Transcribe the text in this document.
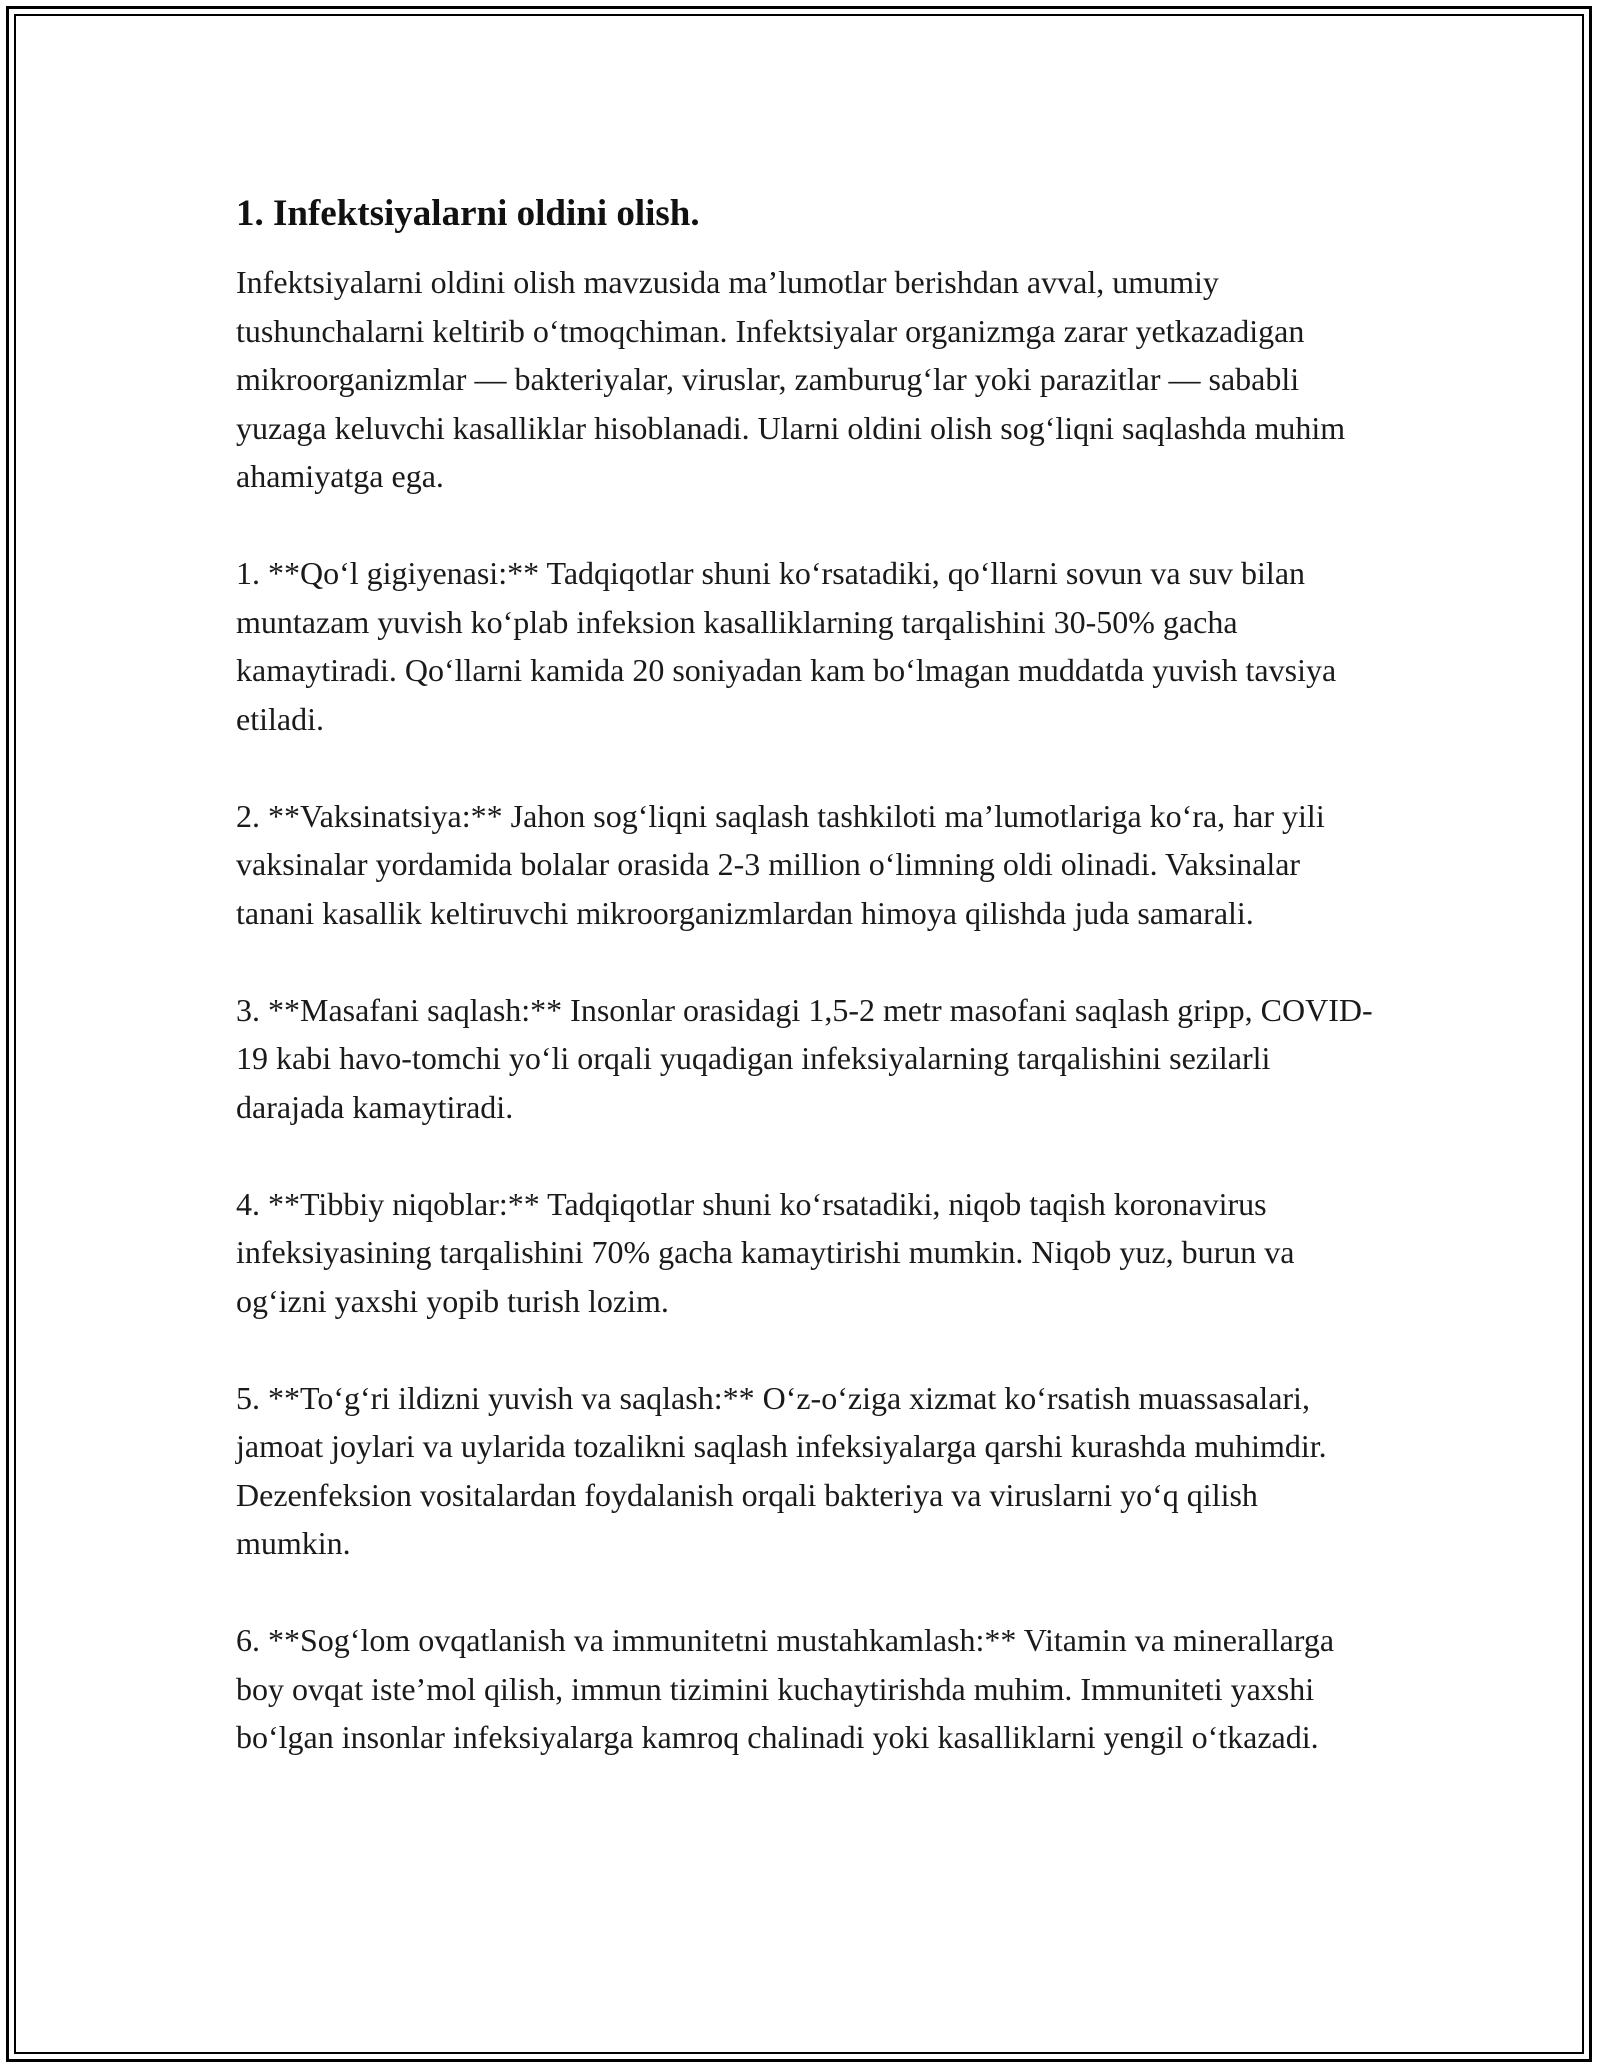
1. Infektsiyalarni oldini olish.

Infektsiyalarni oldini olish mavzusida ma’lumotlar berishdan avval, umumiy tushunchalarni keltirib o‘tmoqchiman. Infektsiyalar organizmga zarar yetkazadigan mikroorganizmlar — bakteriyalar, viruslar, zamburug‘lar yoki parazitlar — sababli yuzaga keluvchi kasalliklar hisoblanadi. Ularni oldini olish sog‘liqni saqlashda muhim ahamiyatga ega.

1. **Qo‘l gigiyenasi:** Tadqiqotlar shuni ko‘rsatadiki, qo‘llarni sovun va suv bilan muntazam yuvish ko‘plab infeksion kasalliklarning tarqalishini 30-50% gacha kamaytiradi. Qo‘llarni kamida 20 soniyadan kam bo‘lmagan muddatda yuvish tavsiya etiladi.

2. **Vaksinatsiya:** Jahon sog‘liqni saqlash tashkiloti ma’lumotlariga ko‘ra, har yili vaksinalar yordamida bolalar orasida 2-3 million o‘limning oldi olinadi. Vaksinalar tanani kasallik keltiruvchi mikroorganizmlardan himoya qilishda juda samarali.

3. **Masafani saqlash:** Insonlar orasidagi 1,5-2 metr masofani saqlash gripp, COVID-19 kabi havo-tomchi yo‘li orqali yuqadigan infeksiyalarning tarqalishini sezilarli darajada kamaytiradi.

4. **Tibbiy niqoblar:** Tadqiqotlar shuni ko‘rsatadiki, niqob taqish koronavirus infeksiyasining tarqalishini 70% gacha kamaytirishi mumkin. Niqob yuz, burun va og‘izni yaxshi yopib turish lozim.

5. **To‘g‘ri ildizni yuvish va saqlash:** O‘z-o‘ziga xizmat ko‘rsatish muassasalari, jamoat joylari va uylarida tozalikni saqlash infeksiyalarga qarshi kurashda muhimdir. Dezenfeksion vositalardan foydalanish orqali bakteriya va viruslarni yo‘q qilish mumkin.

6. **Sog‘lom ovqatlanish va immunitetni mustahkamlash:** Vitamin va minerallarga boy ovqat iste’mol qilish, immun tizimini kuchaytirishda muhim. Immuniteti yaxshi bo‘lgan insonlar infeksiyalarga kamroq chalinadi yoki kasalliklarni yengil o‘tkazadi.
